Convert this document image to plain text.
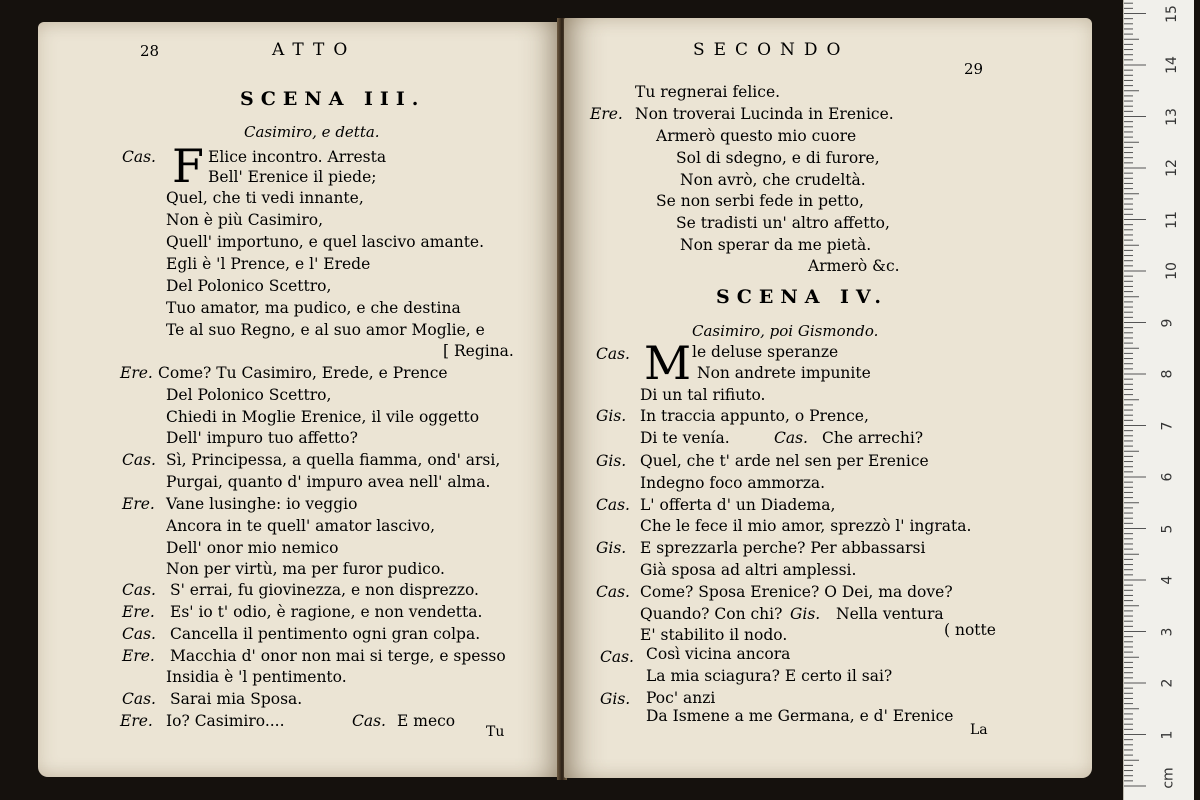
28	ATTO
SCENA III.
Casimiro, e detta.
F
Cas.	Elice incontro. Arresta
Bell' Erenice il piede;
Quel, che ti vedi innante,
Non è più Casimiro,
Quell' importuno, e quel lascivo amante.
Egli è 'l Prence, e l' Erede
Del Polonico Scettro,
Tuo amator, ma pudico, e che destina
Te al suo Regno, e al suo amor Moglie, e
[ Regina.
Ere. Come? Tu Casimiro, Erede, e Prence
Del Polonico Scettro,
Chiedi in Moglie Erenice, il vile oggetto
Dell' impuro tuo affetto?
Cas. Sì, Principessa, a quella fiamma, ond' arsi,
Purgai, quanto d' impuro avea nell' alma.
Ere. Vane lusinghe: io veggio
Ancora in te quell' amator lascivo,
Dell' onor mio nemico
Non per virtù, ma per furor pudico.
Cas. S' errai, fu giovinezza, e non disprezzo.
Ere. Es' io t' odio, è ragione, e non vendetta.
Cas. Cancella il pentimento ogni gran colpa.
Ere. Macchia d' onor non mai si terge, e spesso
Insidia è 'l pentimento.
Cas. Sarai mia Sposa.
Ere. Io? Casimiro....	Cas. E meco
Tu
SECONDO
29
Tu regnerai felice.
Ere. Non troverai Lucinda in Erenice.
Armerò questo mio cuore
Sol di sdegno, e di furore,
Non avrò, che crudeltà.
Se non serbi fede in petto,
Se tradisti un' altro affetto,
Non sperar da me pietà.
Armerò &c.
SCENA IV.
Casimiro, poi Gismondo.
M
Cas.	le deluse speranze
Non andrete impunite
Di un tal rifiuto.
Gis. In traccia appunto, o Prence,
Di te venía.	Cas. Che arrechi?
Gis. Quel, che t' arde nel sen per Erenice
Indegno foco ammorza.
Cas. L' offerta d' un Diadema,
Che le fece il mio amor, sprezzò l' ingrata.
Gis. E sprezzarla perche? Per abbassarsi
Già sposa ad altri amplessi.
Cas. Come? Sposa Erenice? O Dei, ma dove?
Quando? Con chi? Gis. Nella ventura
E' stabilito il nodo.	( notte
Cas. Così vicina ancora
La mia sciagura? E certo il sai?
Gis. Poc' anzi
Da Ismene a me Germana, e d' Erenice
La
15
14
13
12
11
10
9
8
7
6
5
4
3
2
1
cm
